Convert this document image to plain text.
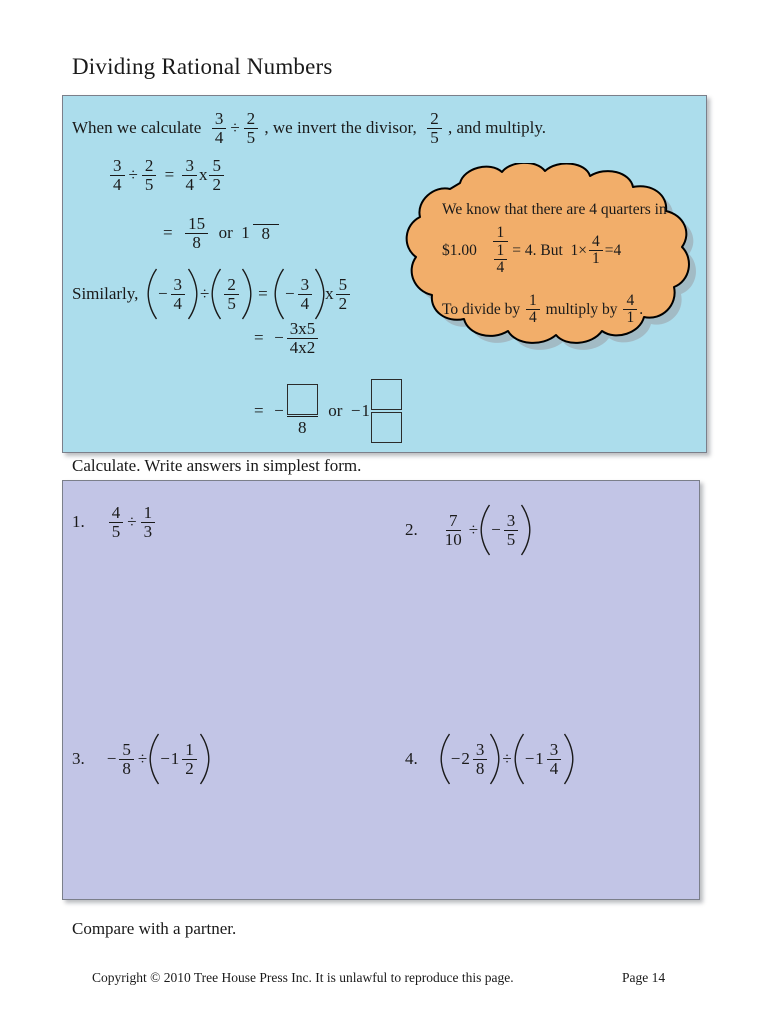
Dividing Rational Numbers
When we calculate
$\frac{3}{4} \div \frac{2}{5}$
, we invert the divisor,
$\frac{2}{5}$
, and multiply.
$\frac{3}{4} \div \frac{2}{5}$
=
$\frac{3}{4}$ x $\frac{5}{2}$
=
$\frac{15}{8}$
or
1 8
Similarly,
− $\frac{3}{4} \div \frac{2}{5}$
=
− $\frac{3}{4}$ x $\frac{5}{2}$
=
− $\frac{3x5}{4x2}$
=
−
8

or
− 1
We know that there are 4 quarters in
$1.00
$\frac{1}{\frac{1}{4}} = 4$ .
But
$1\times \frac{4}{1} =4$
To divide by
$\frac{1}{4}$
multiply by
$\frac{4}{1}$ .
Calculate. Write answers in simplest form.
1. $\frac{4}{5} \div \frac{1}{3}$	2. $\frac{7}{10}$ ÷ − $\frac{3}{5}$
3. − $\frac{5}{8}$ ÷ − $1 \frac{1}{2}$	4. − $2 \frac{3}{8}$ ÷ − $1 \frac{3}{4}$
Compare with a partner.
Copyright © 2010 Tree House Press Inc. It is unlawful to reproduce this page.	Page 14
